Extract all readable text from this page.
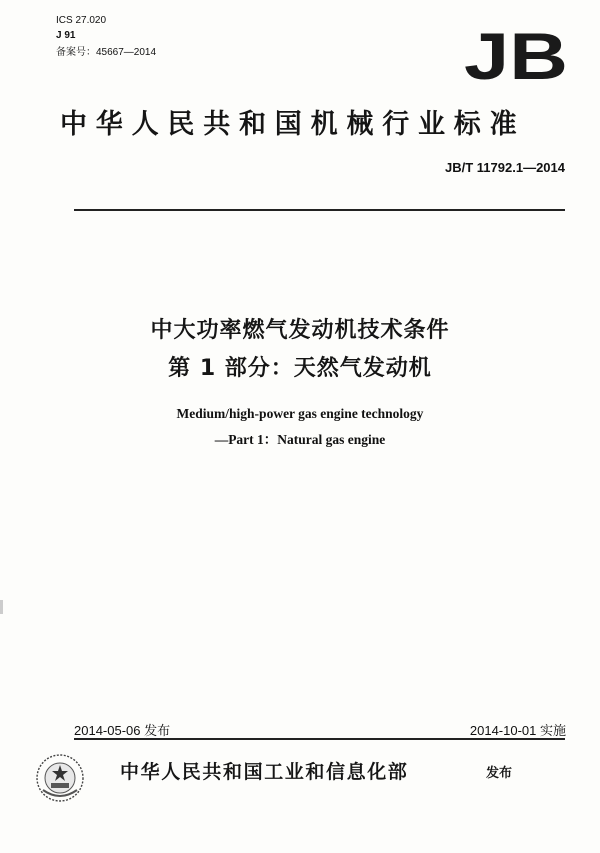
ICS 27.020
J 91
备案号：45667—2014	JB
中华人民共和国机械行业标准
JB/T 11792.1—2014
中大功率燃气发动机技术条件
第 1 部分：天然气发动机
Medium/high-power gas engine technology
—Part 1：Natural gas engine
2014-05-06 发布	2014-10-01 实施
中华人民共和国工业和信息化部	发布
